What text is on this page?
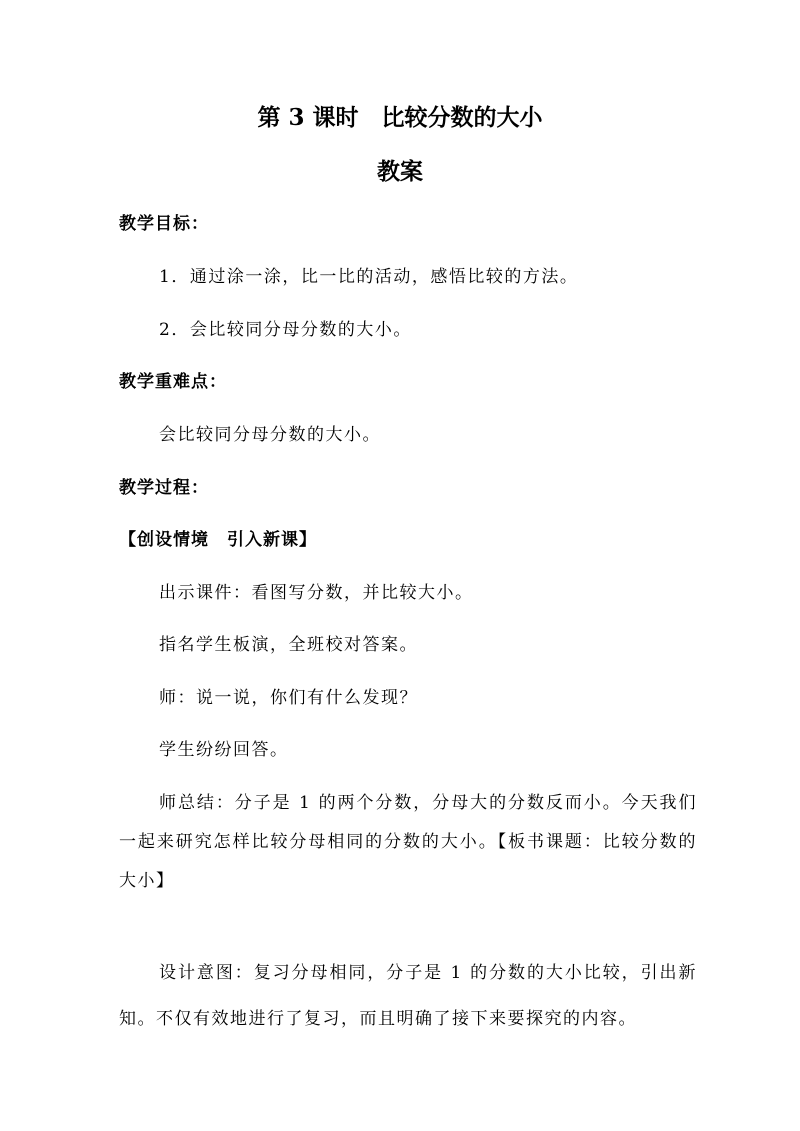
第 3 课时　比较分数的大小
教案

教学目标：

1．通过涂一涂，比一比的活动，感悟比较的方法。

2．会比较同分母分数的大小。

教学重难点：

会比较同分母分数的大小。

教学过程：

【创设情境　引入新课】

出示课件：看图写分数，并比较大小。

指名学生板演，全班校对答案。

师：说一说，你们有什么发现？

学生纷纷回答。

师总结：分子是 1 的两个分数，分母大的分数反而小。今天我们一起来研究怎样比较分母相同的分数的大小。【板书课题：比较分数的大小】

设计意图：复习分母相同，分子是 1 的分数的大小比较，引出新知。不仅有效地进行了复习，而且明确了接下来要探究的内容。
